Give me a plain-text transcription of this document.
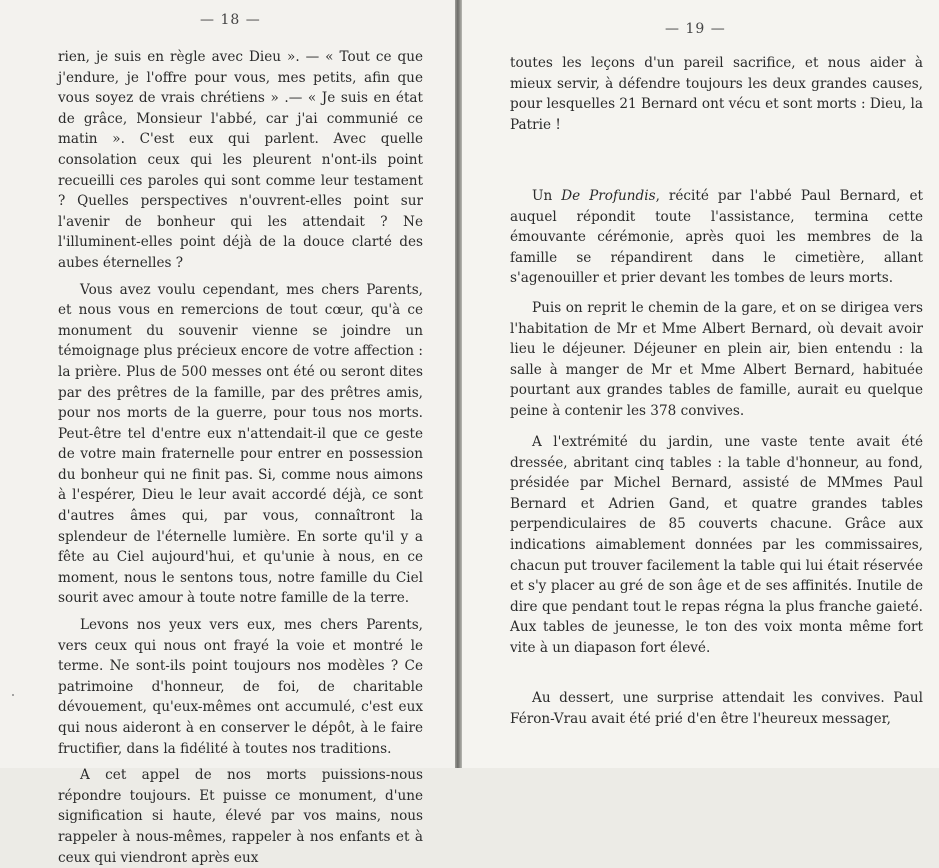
— 18 —

rien, je suis en règle avec Dieu ». — « Tout ce que j'endure, je l'offre pour vous, mes petits, afin que vous soyez de vrais chrétiens » .— « Je suis en état de grâce, Monsieur l'abbé, car j'ai communié ce matin ». C'est eux qui parlent. Avec quelle consolation ceux qui les pleurent n'ont-ils point recueilli ces paroles qui sont comme leur testament ? Quelles perspectives n'ouvrent-elles point sur l'avenir de bonheur qui les attendait ? Ne l'illuminent-elles point déjà de la douce clarté des aubes éternelles ?

Vous avez voulu cependant, mes chers Parents, et nous vous en remercions de tout cœur, qu'à ce monument du souvenir vienne se joindre un témoignage plus précieux encore de votre affection : la prière. Plus de 500 messes ont été ou seront dites par des prêtres de la famille, par des prêtres amis, pour nos morts de la guerre, pour tous nos morts. Peut-être tel d'entre eux n'attendait-il que ce geste de votre main fraternelle pour entrer en possession du bonheur qui ne finit pas. Si, comme nous aimons à l'espérer, Dieu le leur avait accordé déjà, ce sont d'autres âmes qui, par vous, connaîtront la splendeur de l'éternelle lumière. En sorte qu'il y a fête au Ciel aujourd'hui, et qu'unie à nous, en ce moment, nous le sentons tous, notre famille du Ciel sourit avec amour à toute notre famille de la terre.

Levons nos yeux vers eux, mes chers Parents, vers ceux qui nous ont frayé la voie et montré le terme. Ne sont-ils point toujours nos modèles ? Ce patrimoine d'honneur, de foi, de charitable dévouement, qu'eux-mêmes ont accumulé, c'est eux qui nous aideront à en conserver le dépôt, à le faire fructifier, dans la fidélité à toutes nos traditions.

A cet appel de nos morts puissions-nous répondre toujours. Et puisse ce monument, d'une signification si haute, élevé par vos mains, nous rappeler à nous-mêmes, rappeler à nos enfants et à ceux qui viendront après eux

— 19 —

toutes les leçons d'un pareil sacrifice, et nous aider à mieux servir, à défendre toujours les deux grandes causes, pour lesquelles 21 Bernard ont vécu et sont morts : Dieu, la Patrie !

Un De Profundis, récité par l'abbé Paul Bernard, et auquel répondit toute l'assistance, termina cette émouvante cérémonie, après quoi les membres de la famille se répandirent dans le cimetière, allant s'agenouiller et prier devant les tombes de leurs morts.

Puis on reprit le chemin de la gare, et on se dirigea vers l'habitation de Mr et Mme Albert Bernard, où devait avoir lieu le déjeuner. Déjeuner en plein air, bien entendu : la salle à manger de Mr et Mme Albert Bernard, habituée pourtant aux grandes tables de famille, aurait eu quelque peine à contenir les 378 convives.

A l'extrémité du jardin, une vaste tente avait été dressée, abritant cinq tables : la table d'honneur, au fond, présidée par Michel Bernard, assisté de MMmes Paul Bernard et Adrien Gand, et quatre grandes tables perpendiculaires de 85 couverts chacune. Grâce aux indications aimablement données par les commissaires, chacun put trouver facilement la table qui lui était réservée et s'y placer au gré de son âge et de ses affinités. Inutile de dire que pendant tout le repas régna la plus franche gaieté. Aux tables de jeunesse, le ton des voix monta même fort vite à un diapason fort élevé.

Au dessert, une surprise attendait les convives. Paul Féron-Vrau avait été prié d'en être l'heureux messager,
